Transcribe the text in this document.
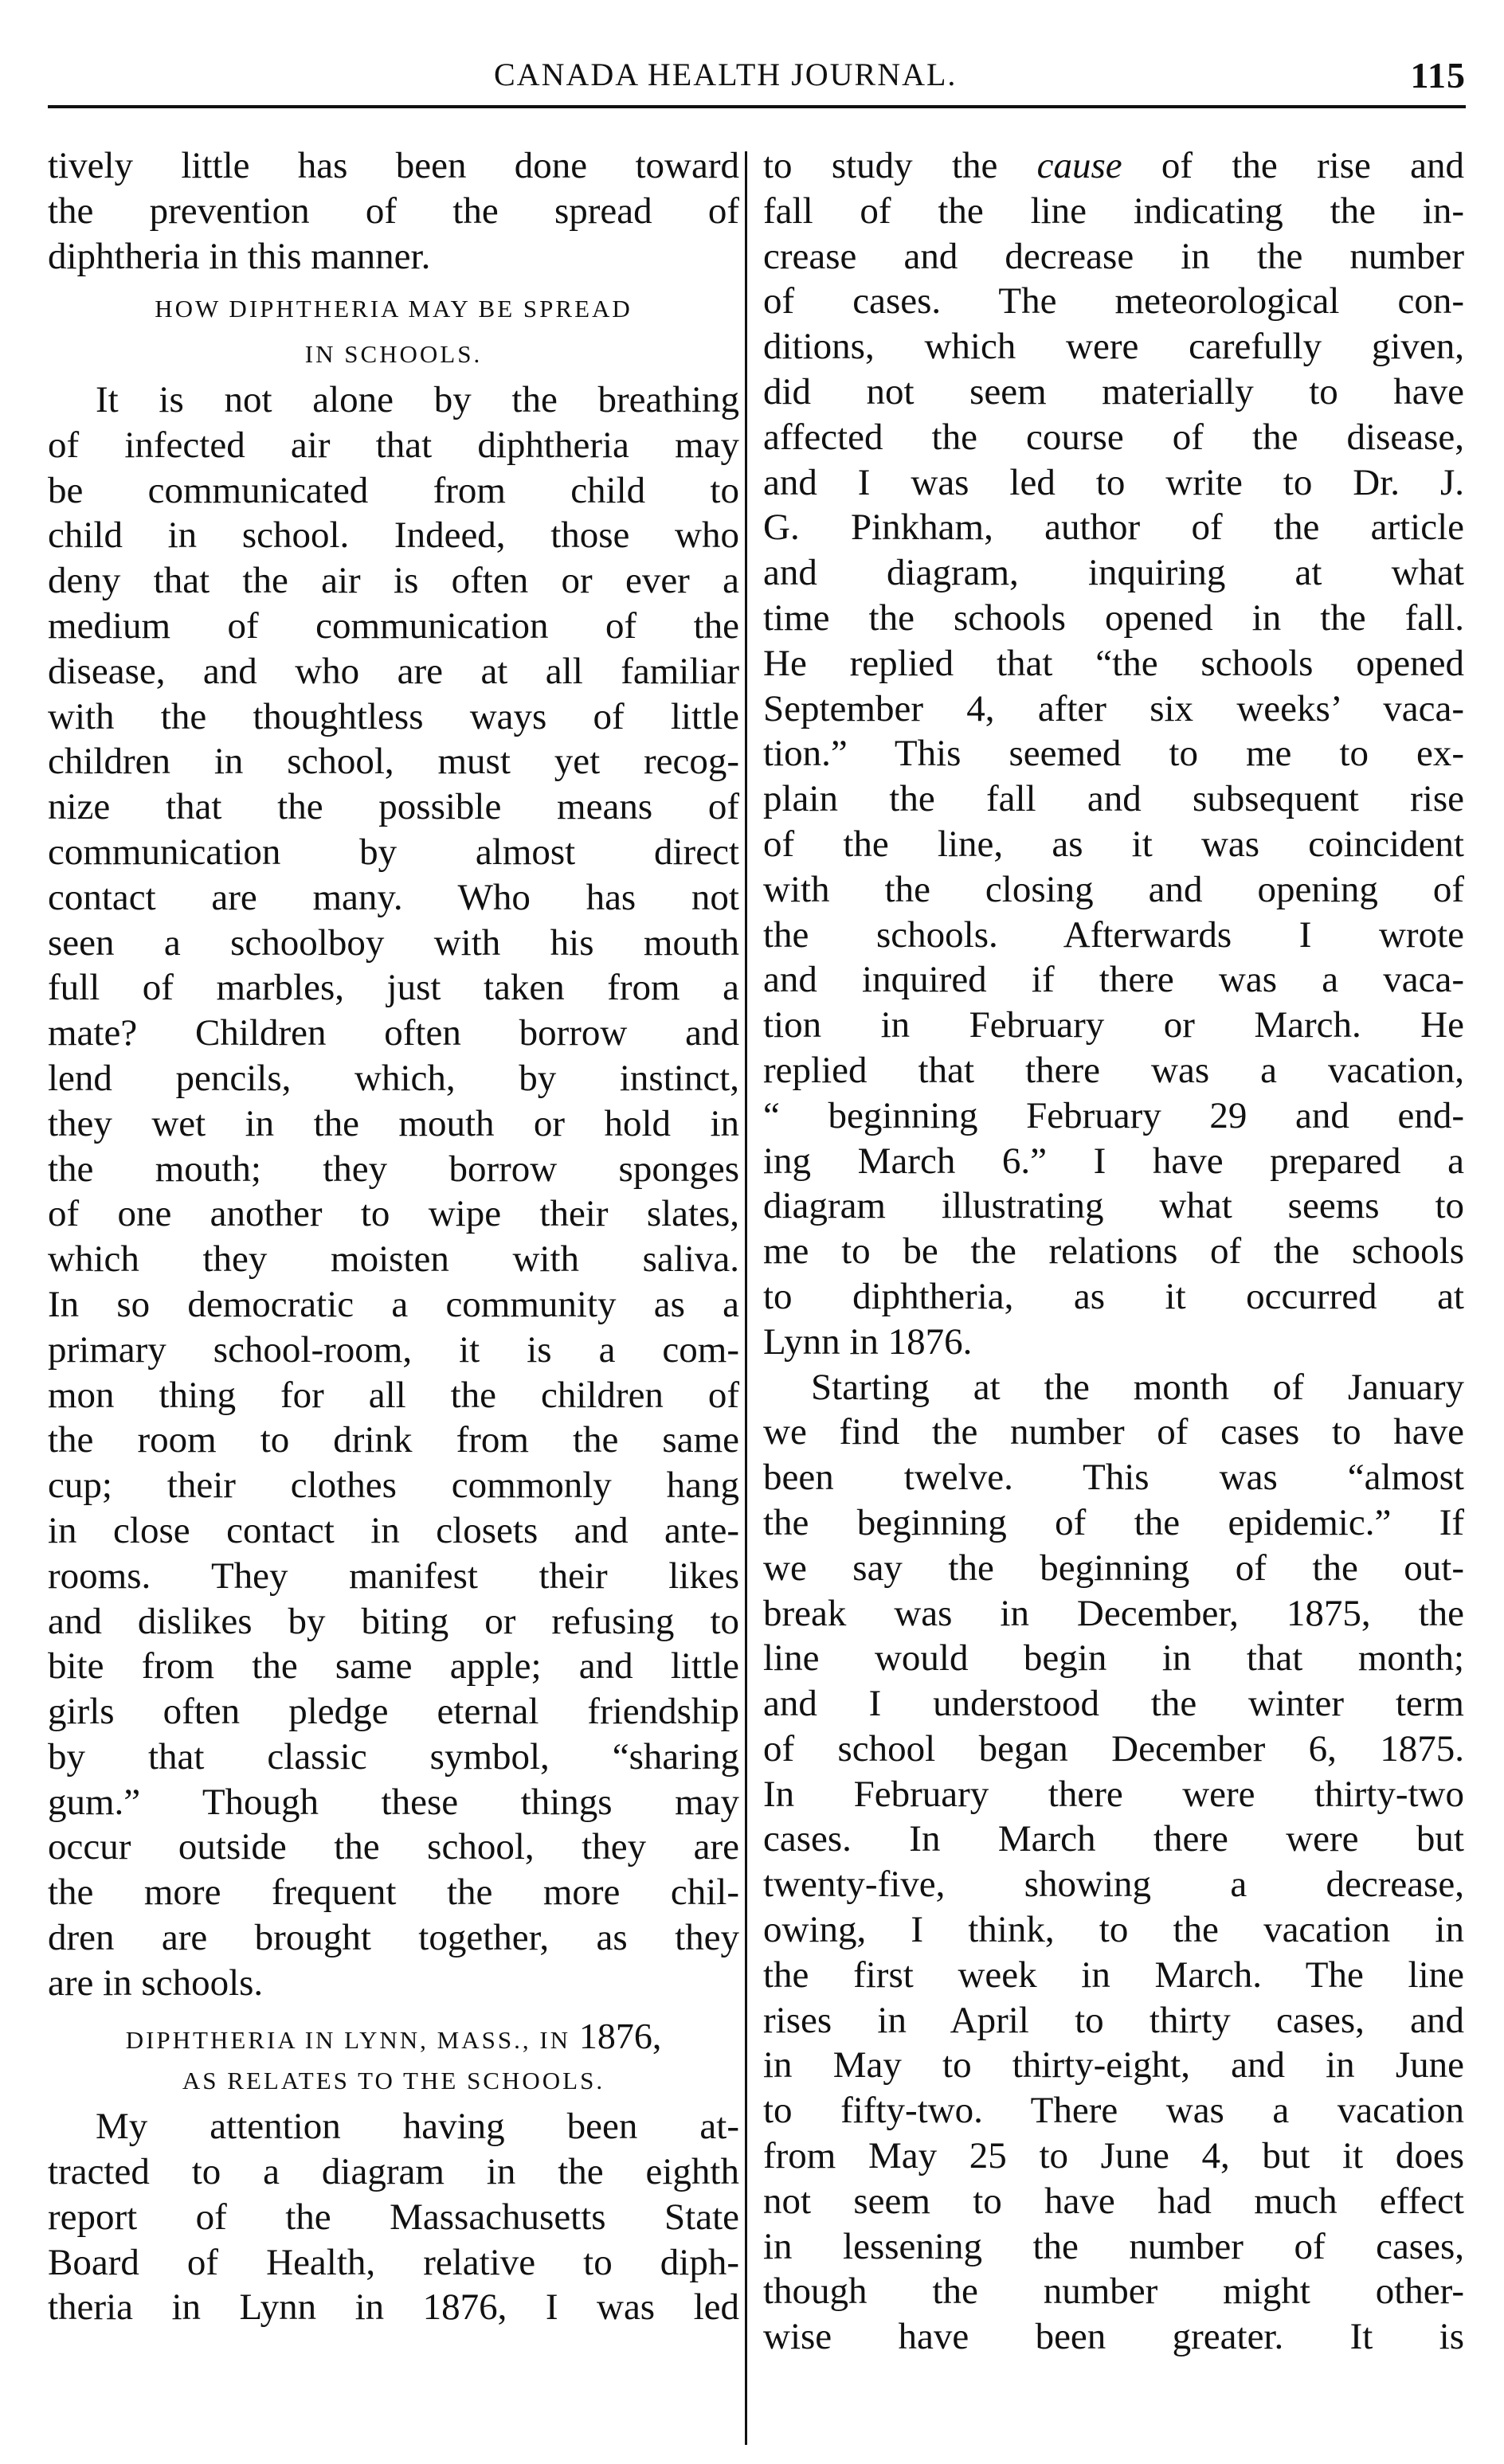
CANADA HEALTH JOURNAL.	115
tively little has been done toward
the prevention of the spread of
diphtheria in this manner.
HOW DIPHTHERIA MAY BE SPREAD
IN SCHOOLS.
It is not alone by the breathing
of infected air that diphtheria may
be communicated from child to
child in school. Indeed, those who
deny that the air is often or ever a
medium of communication of the
disease, and who are at all familiar
with the thoughtless ways of little
children in school, must yet recog-
nize that the possible means of
communication by almost direct
contact are many. Who has not
seen a schoolboy with his mouth
full of marbles, just taken from a
mate? Children often borrow and
lend pencils, which, by instinct,
they wet in the mouth or hold in
the mouth; they borrow sponges
of one another to wipe their slates,
which they moisten with saliva.
In so democratic a community as a
primary school-room, it is a com-
mon thing for all the children of
the room to drink from the same
cup; their clothes commonly hang
in close contact in closets and ante-
rooms. They manifest their likes
and dislikes by biting or refusing to
bite from the same apple; and little
girls often pledge eternal friendship
by that classic symbol, “sharing
gum.” Though these things may
occur outside the school, they are
the more frequent the more chil-
dren are brought together, as they
are in schools.
DIPHTHERIA IN LYNN, MASS., IN 1876,
AS RELATES TO THE SCHOOLS.
My attention having been at-
tracted to a diagram in the eighth
report of the Massachusetts State
Board of Health, relative to diph-
theria in Lynn in 1876, I was led
to study the cause of the rise and
fall of the line indicating the in-
crease and decrease in the number
of cases. The meteorological con-
ditions, which were carefully given,
did not seem materially to have
affected the course of the disease,
and I was led to write to Dr. J.
G. Pinkham, author of the article
and diagram, inquiring at what
time the schools opened in the fall.
He replied that “the schools opened
September 4, after six weeks’ vaca-
tion.” This seemed to me to ex-
plain the fall and subsequent rise
of the line, as it was coincident
with the closing and opening of
the schools. Afterwards I wrote
and inquired if there was a vaca-
tion in February or March. He
replied that there was a vacation,
“ beginning February 29 and end-
ing March 6.” I have prepared a
diagram illustrating what seems to
me to be the relations of the schools
to diphtheria, as it occurred at
Lynn in 1876.
Starting at the month of January
we find the number of cases to have
been twelve. This was “almost
the beginning of the epidemic.” If
we say the beginning of the out-
break was in December, 1875, the
line would begin in that month;
and I understood the winter term
of school began December 6, 1875.
In February there were thirty-two
cases. In March there were but
twenty-five, showing a decrease,
owing, I think, to the vacation in
the first week in March. The line
rises in April to thirty cases, and
in May to thirty-eight, and in June
to fifty-two. There was a vacation
from May 25 to June 4, but it does
not seem to have had much effect
in lessening the number of cases,
though the number might other-
wise have been greater. It is
